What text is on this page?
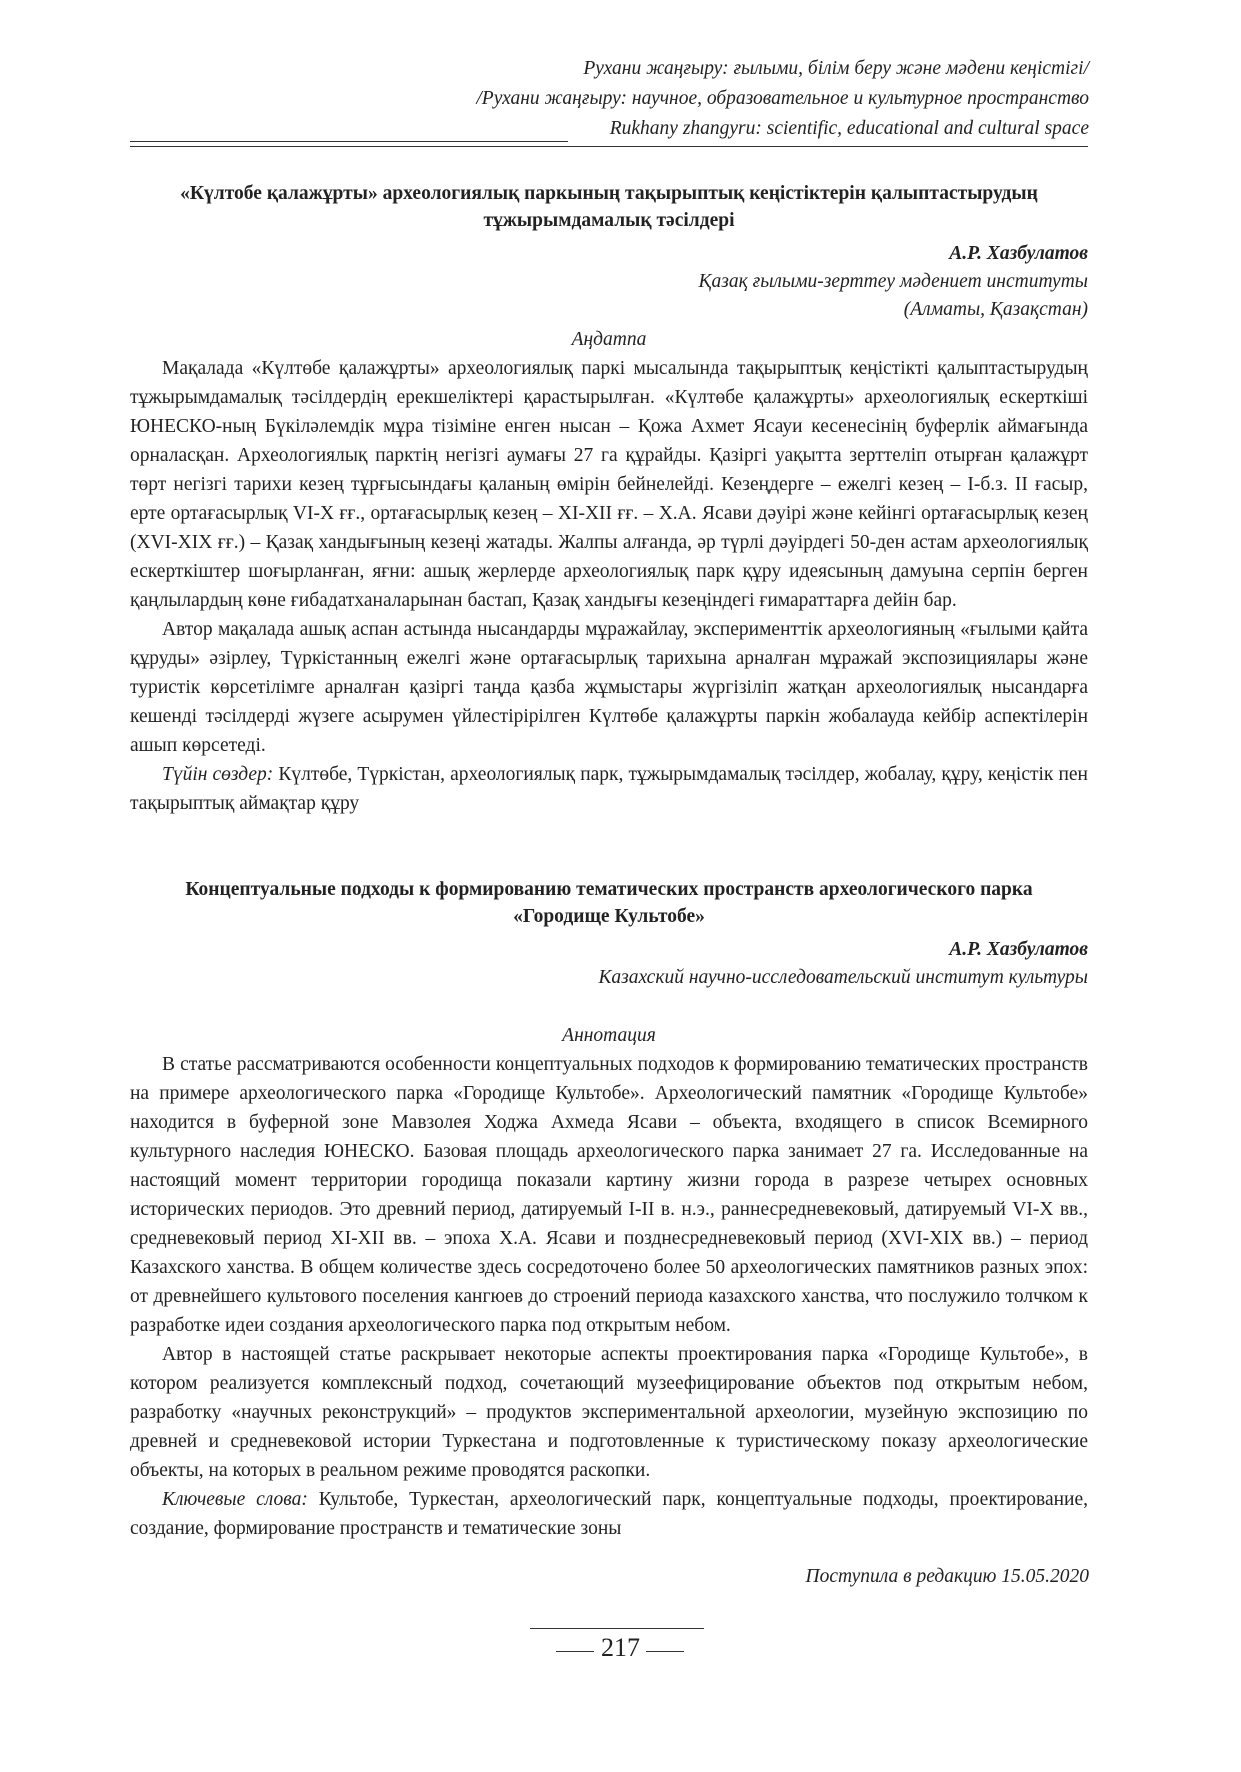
Рухани жаңғыру: ғылыми, білім беру және мәдени кеңістігі/
/Рухани жаңғыру: научное, образовательное и культурное пространство
Rukhany zhangyru: scientific, educational and cultural space
«Күлтобе қалажұрты» археологиялық паркының тақырыптық кеңістіктерін қалыптастырудың
тұжырымдамалық тәсілдері
А.Р. Хазбулатов
Қазақ ғылыми-зерттеу мәдениет институты
(Алматы, Қазақстан)
Аңдатпа

Мақалада «Күлтөбе қалажұрты» археологиялық паркі мысалында тақырыптық кеңістікті қалыптастырудың тұжырымдамалық тәсілдердің ерекшеліктері қарастырылған. «Күлтөбе қалажұрты» археологиялық ескерткіші ЮНЕСКО-ның Бүкіләлемдік мұра тізіміне енген нысан – Қожа Ахмет Ясауи кесенесінің буферлік аймағында орналасқан. Археологиялық парктің негізгі аумағы 27 га құрайды. Қазіргі уақытта зерттеліп отырған қалажұрт төрт негізгі тарихи кезең тұрғысындағы қаланың өмірін бейнелейді. Кезеңдерге – ежелгі кезең – I-б.з. II ғасыр, ерте ортағасырлық VI-X ғғ., ортағасырлық кезең – XI-XII ғғ. – Х.А. Ясави дәуірі және кейінгі ортағасырлық кезең (XVI-XIX ғғ.) – Қазақ хандығының кезеңі жатады. Жалпы алғанда, әр түрлі дәуірдегі 50-ден астам археологиялық ескерткіштер шоғырланған, яғни: ашық жерлерде археологиялық парк құру идеясының дамуына серпін берген қаңлылардың көне ғибадатханаларынан бастап, Қазақ хандығы кезеңіндегі ғимараттарға дейін бар.

Автор мақалада ашық аспан астында нысандарды мұражайлау, эксперименттік археологияның «ғылыми қайта құруды» әзірлеу, Түркістанның ежелгі және ортағасырлық тарихына арналған мұражай экспозициялары және туристік көрсетілімге арналған қазіргі таңда қазба жұмыстары жүргізіліп жатқан археологиялық нысандарға кешенді тәсілдерді жүзеге асырумен үйлестірірілген Күлтөбе қалажұрты паркін жобалауда кейбір аспектілерін ашып көрсетеді.

Түйін сөздер: Күлтөбе, Түркістан, археологиялық парк, тұжырымдамалық тәсілдер, жобалау, құру, кеңістік пен тақырыптық аймақтар құру

Концептуальные подходы к формированию тематических пространств археологического парка
«Городище Культобе»
А.Р. Хазбулатов
Казахский научно-исследовательский институт культуры
Аннотация

В статье рассматриваются особенности концептуальных подходов к формированию тематических пространств на примере археологического парка «Городище Культобе». Археологический памятник «Городище Культобе» находится в буферной зоне Мавзолея Ходжа Ахмеда Ясави – объекта, входящего в список Всемирного культурного наследия ЮНЕСКО. Базовая площадь археологического парка занимает 27 га. Исследованные на настоящий момент территории городища показали картину жизни города в разрезе четырех основных исторических периодов. Это древний период, датируемый I-II в. н.э., раннесредневековый, датируемый VI-X вв., средневековый период XI-XII вв. – эпоха Х.А. Ясави и позднесредневековый период (XVI-XIX вв.) – период Казахского ханства. В общем количестве здесь сосредоточено более 50 археологических памятников разных эпох: от древнейшего культового поселения кангюев до строений периода казахского ханства, что послужило толчком к разработке идеи создания археологического парка под открытым небом.

Автор в настоящей статье раскрывает некоторые аспекты проектирования парка «Городище Культобе», в котором реализуется комплексный подход, сочетающий музеефицирование объектов под открытым небом, разработку «научных реконструкций» – продуктов экспериментальной археологии, музейную экспозицию по древней и средневековой истории Туркестана и подготовленные к туристическому показу археологические объекты, на которых в реальном режиме проводятся раскопки.

Ключевые слова: Культобе, Туркестан, археологический парк, концептуальные подходы, проектирование, создание, формирование пространств и тематические зоны

Поступила в редакцию 15.05.2020
217
